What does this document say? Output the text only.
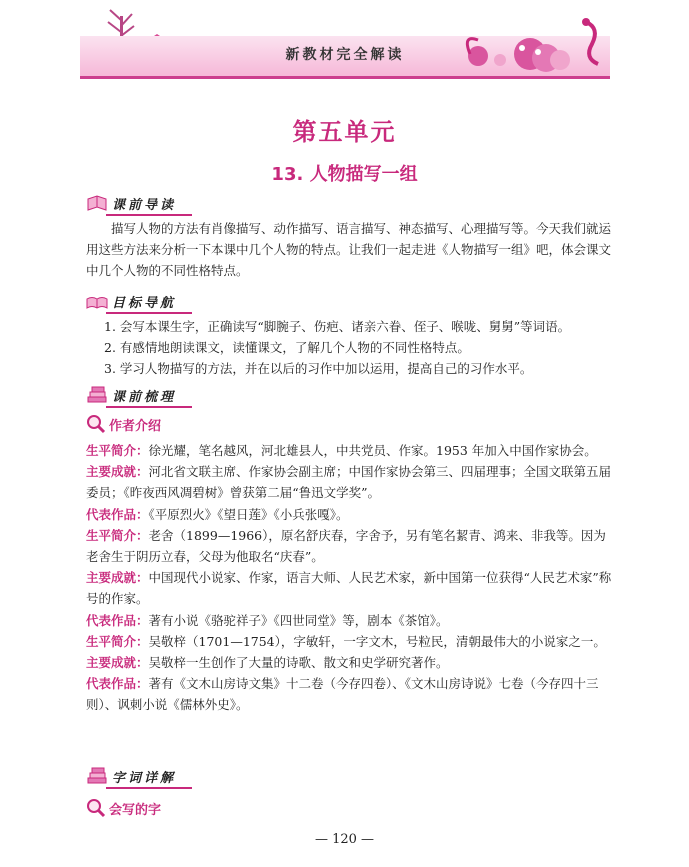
新教材完全解读
第五单元
13. 人物描写一组
课前导读
描写人物的方法有肖像描写、动作描写、语言描写、神态描写、心理描写等。今天我们就运用这些方法来分析一下本课中几个人物的特点。让我们一起走进《人物描写一组》吧，体会课文中几个人物的不同性格特点。
目标导航
1. 会写本课生字，正确读写“脚腕子、伤疤、诸亲六眷、侄子、喉咙、舅舅”等词语。
2. 有感情地朗读课文，读懂课文，了解几个人物的不同性格特点。
3. 学习人物描写的方法，并在以后的习作中加以运用，提高自己的习作水平。
课前梳理
作者介绍

生平简介：徐光耀，笔名越风，河北雄县人，中共党员、作家。1953 年加入中国作家协会。

主要成就：河北省文联主席、作家协会副主席；中国作家协会第三、四届理事；全国文联第五届委员；《昨夜西风凋碧树》曾获第二届“鲁迅文学奖”。

代表作品：《平原烈火》《望日莲》《小兵张嘎》。

生平简介：老舍（1899—1966），原名舒庆春，字舍予，另有笔名絜青、鸿来、非我等。因为老舍生于阴历立春，父母为他取名“庆春”。

主要成就：中国现代小说家、作家，语言大师、人民艺术家，新中国第一位获得“人民艺术家”称号的作家。

代表作品：著有小说《骆驼祥子》《四世同堂》等，剧本《茶馆》。

生平简介：吴敬梓（1701—1754），字敏轩，一字文木，号粒民，清朝最伟大的小说家之一。

主要成就：吴敬梓一生创作了大量的诗歌、散文和史学研究著作。

代表作品：著有《文木山房诗文集》十二卷（今存四卷）、《文木山房诗说》七卷（今存四十三则）、讽刺小说《儒林外史》。

字词详解
会写的字
— 120 —
